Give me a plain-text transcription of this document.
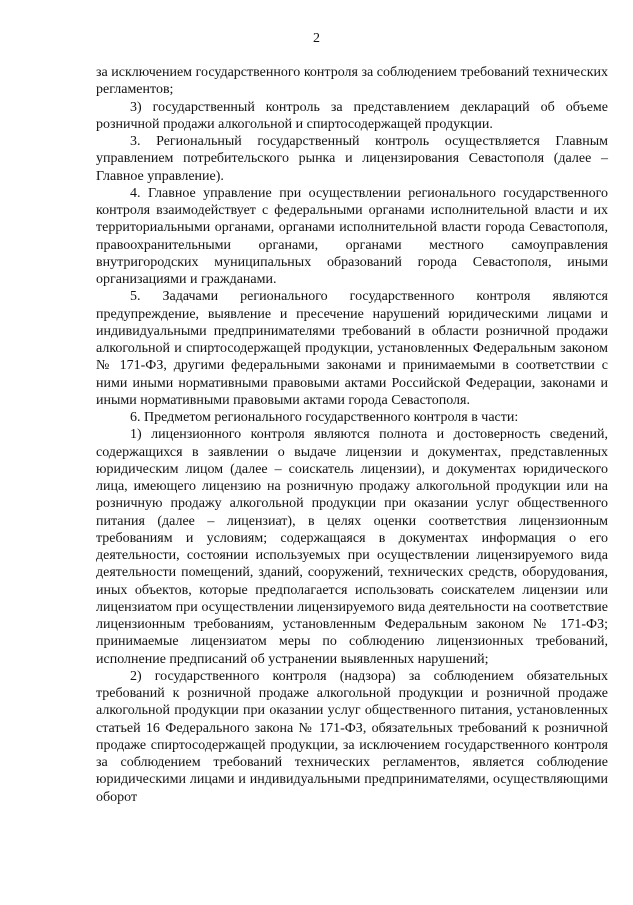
2

за исключением государственного контроля за соблюдением требований технических регламентов;

3) государственный контроль за представлением деклараций об объеме розничной продажи алкогольной и спиртосодержащей продукции.

3. Региональный государственный контроль осуществляется Главным управлением потребительского рынка и лицензирования Севастополя (далее – Главное управление).

4. Главное управление при осуществлении регионального государственного контроля взаимодействует с федеральными органами исполнительной власти и их территориальными органами, органами исполнительной власти города Севастополя, правоохранительными органами, органами местного самоуправления внутригородских муниципальных образований города Севастополя, иными организациями и гражданами.

5. Задачами регионального государственного контроля являются предупреждение, выявление и пресечение нарушений юридическими лицами и индивидуальными предпринимателями требований в области розничной продажи алкогольной и спиртосодержащей продукции, установленных Федеральным законом № 171-ФЗ, другими федеральными законами и принимаемыми в соответствии с ними иными нормативными правовыми актами Российской Федерации, законами и иными нормативными правовыми актами города Севастополя.

6. Предметом регионального государственного контроля в части:

1) лицензионного контроля являются полнота и достоверность сведений, содержащихся в заявлении о выдаче лицензии и документах, представленных юридическим лицом (далее – соискатель лицензии), и документах юридического лица, имеющего лицензию на розничную продажу алкогольной продукции или на розничную продажу алкогольной продукции при оказании услуг общественного питания (далее – лицензиат), в целях оценки соответствия лицензионным требованиям и условиям; содержащаяся в документах информация о его деятельности, состоянии используемых при осуществлении лицензируемого вида деятельности помещений, зданий, сооружений, технических средств, оборудования, иных объектов, которые предполагается использовать соискателем лицензии или лицензиатом при осуществлении лицензируемого вида деятельности на соответствие лицензионным требованиям, установленным Федеральным законом № 171-ФЗ; принимаемые лицензиатом меры по соблюдению лицензионных требований, исполнение предписаний об устранении выявленных нарушений;

2) государственного контроля (надзора) за соблюдением обязательных требований к розничной продаже алкогольной продукции и розничной продаже алкогольной продукции при оказании услуг общественного питания, установленных статьей 16 Федерального закона № 171-ФЗ, обязательных требований к розничной продаже спиртосодержащей продукции, за исключением государственного контроля за соблюдением требований технических регламентов, является соблюдение юридическими лицами и индивидуальными предпринимателями, осуществляющими оборот
